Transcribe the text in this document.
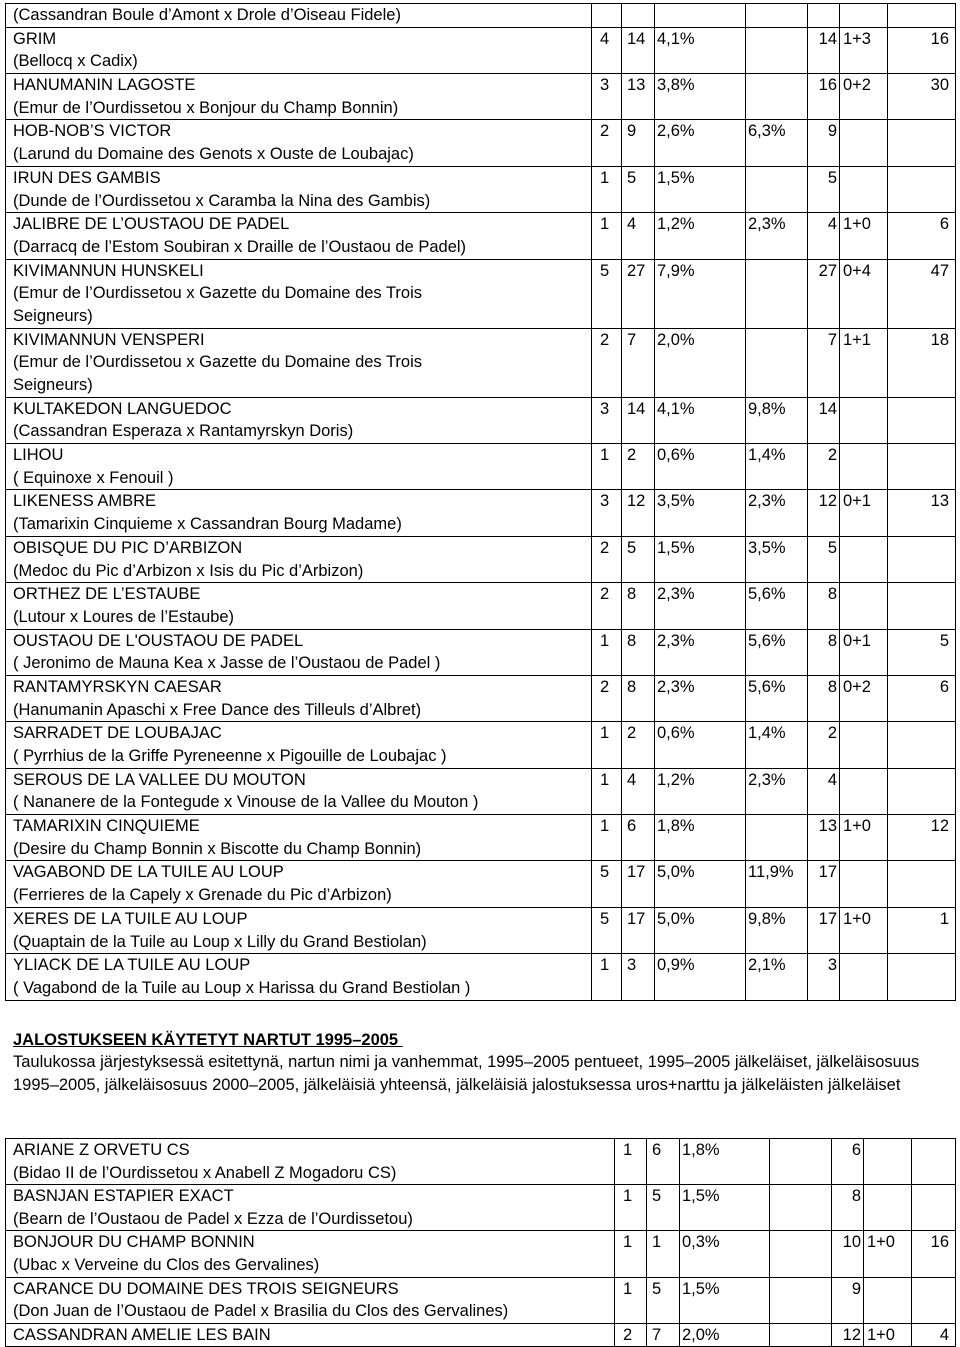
(Cassandran Boule d’Amont x Drole d’Oiseau Fidele)							

GRIM
(Bellocq x Cadix)	4	14	4,1%		14	1+3	16

HANUMANIN LAGOSTE
(Emur de l’Ourdissetou x Bonjour du Champ Bonnin)	3	13	3,8%		16	0+2	30

HOB-NOB’S VICTOR
(Larund du Domaine des Genots x Ouste de Loubajac)	2	9	2,6%	6,3%	9		

IRUN DES GAMBIS
(Dunde de l’Ourdissetou x Caramba la Nina des Gambis)	1	5	1,5%		5		

JALIBRE DE L’OUSTAOU DE PADEL
(Darracq de l’Estom Soubiran x Draille de l’Oustaou de Padel)	1	4	1,2%	2,3%	4	1+0	6

KIVIMANNUN HUNSKELI
(Emur de l’Ourdissetou x Gazette du Domaine des Trois
Seigneurs)	5	27	7,9%		27	0+4	47

KIVIMANNUN VENSPERI
(Emur de l’Ourdissetou x Gazette du Domaine des Trois
Seigneurs)	2	7	2,0%		7	1+1	18

KULTAKEDON LANGUEDOC
(Cassandran Esperaza x Rantamyrskyn Doris)	3	14	4,1%	9,8%	14		

LIHOU
( Equinoxe x Fenouil )	1	2	0,6%	1,4%	2		

LIKENESS AMBRE
(Tamarixin Cinquieme x Cassandran Bourg Madame)	3	12	3,5%	2,3%	12	0+1	13

OBISQUE DU PIC D’ARBIZON
(Medoc du Pic d’Arbizon x Isis du Pic d’Arbizon)	2	5	1,5%	3,5%	5		

ORTHEZ DE L’ESTAUBE
(Lutour x Loures de l’Estaube)	2	8	2,3%	5,6%	8		

OUSTAOU DE L'OUSTAOU DE PADEL
( Jeronimo de Mauna Kea x Jasse de l’Oustaou de Padel )	1	8	2,3%	5,6%	8	0+1	5

RANTAMYRSKYN CAESAR
(Hanumanin Apaschi x Free Dance des Tilleuls d’Albret)	2	8	2,3%	5,6%	8	0+2	6

SARRADET DE LOUBAJAC
( Pyrrhius de la Griffe Pyreneenne x Pigouille de Loubajac )	1	2	0,6%	1,4%	2		

SEROUS DE LA VALLEE DU MOUTON
( Nananere de la Fontegude x Vinouse de la Vallee du Mouton )	1	4	1,2%	2,3%	4		

TAMARIXIN CINQUIEME
(Desire du Champ Bonnin x Biscotte du Champ Bonnin)	1	6	1,8%		13	1+0	12

VAGABOND DE LA TUILE AU LOUP
(Ferrieres de la Capely x Grenade du Pic d’Arbizon)	5	17	5,0%	11,9%	17		

XERES DE LA TUILE AU LOUP
(Quaptain de la Tuile au Loup x Lilly du Grand Bestiolan)	5	17	5,0%	9,8%	17	1+0	1

YLIACK DE LA TUILE AU LOUP
( Vagabond de la Tuile au Loup x Harissa du Grand Bestiolan )	1	3	0,9%	2,1%	3		

JALOSTUKSEEN KÄYTETYT NARTUT 1995–2005
Taulukossa järjestyksessä esitettynä, nartun nimi ja vanhemmat, 1995–2005 pentueet, 1995–2005 jälkeläiset, jälkeläisosuus 1995–2005, jälkeläisosuus 2000–2005, jälkeläisiä yhteensä, jälkeläisiä jalostuksessa uros+narttu ja jälkeläisten jälkeläiset
ARIANE Z ORVETU CS
(Bidao II de l’Ourdissetou x Anabell Z Mogadoru CS)	1	6	1,8%		6		

BASNJAN ESTAPIER EXACT
(Bearn de l’Oustaou de Padel x Ezza de l’Ourdissetou)	1	5	1,5%		8		

BONJOUR DU CHAMP BONNIN
(Ubac x Verveine du Clos des Gervalines)	1	1	0,3%		10	1+0	16

CARANCE DU DOMAINE DES TROIS SEIGNEURS
(Don Juan de l’Oustaou de Padel x Brasilia du Clos des Gervalines)	1	5	1,5%		9		

CASSANDRAN AMELIE LES BAIN	2	7	2,0%		12	1+0	4
